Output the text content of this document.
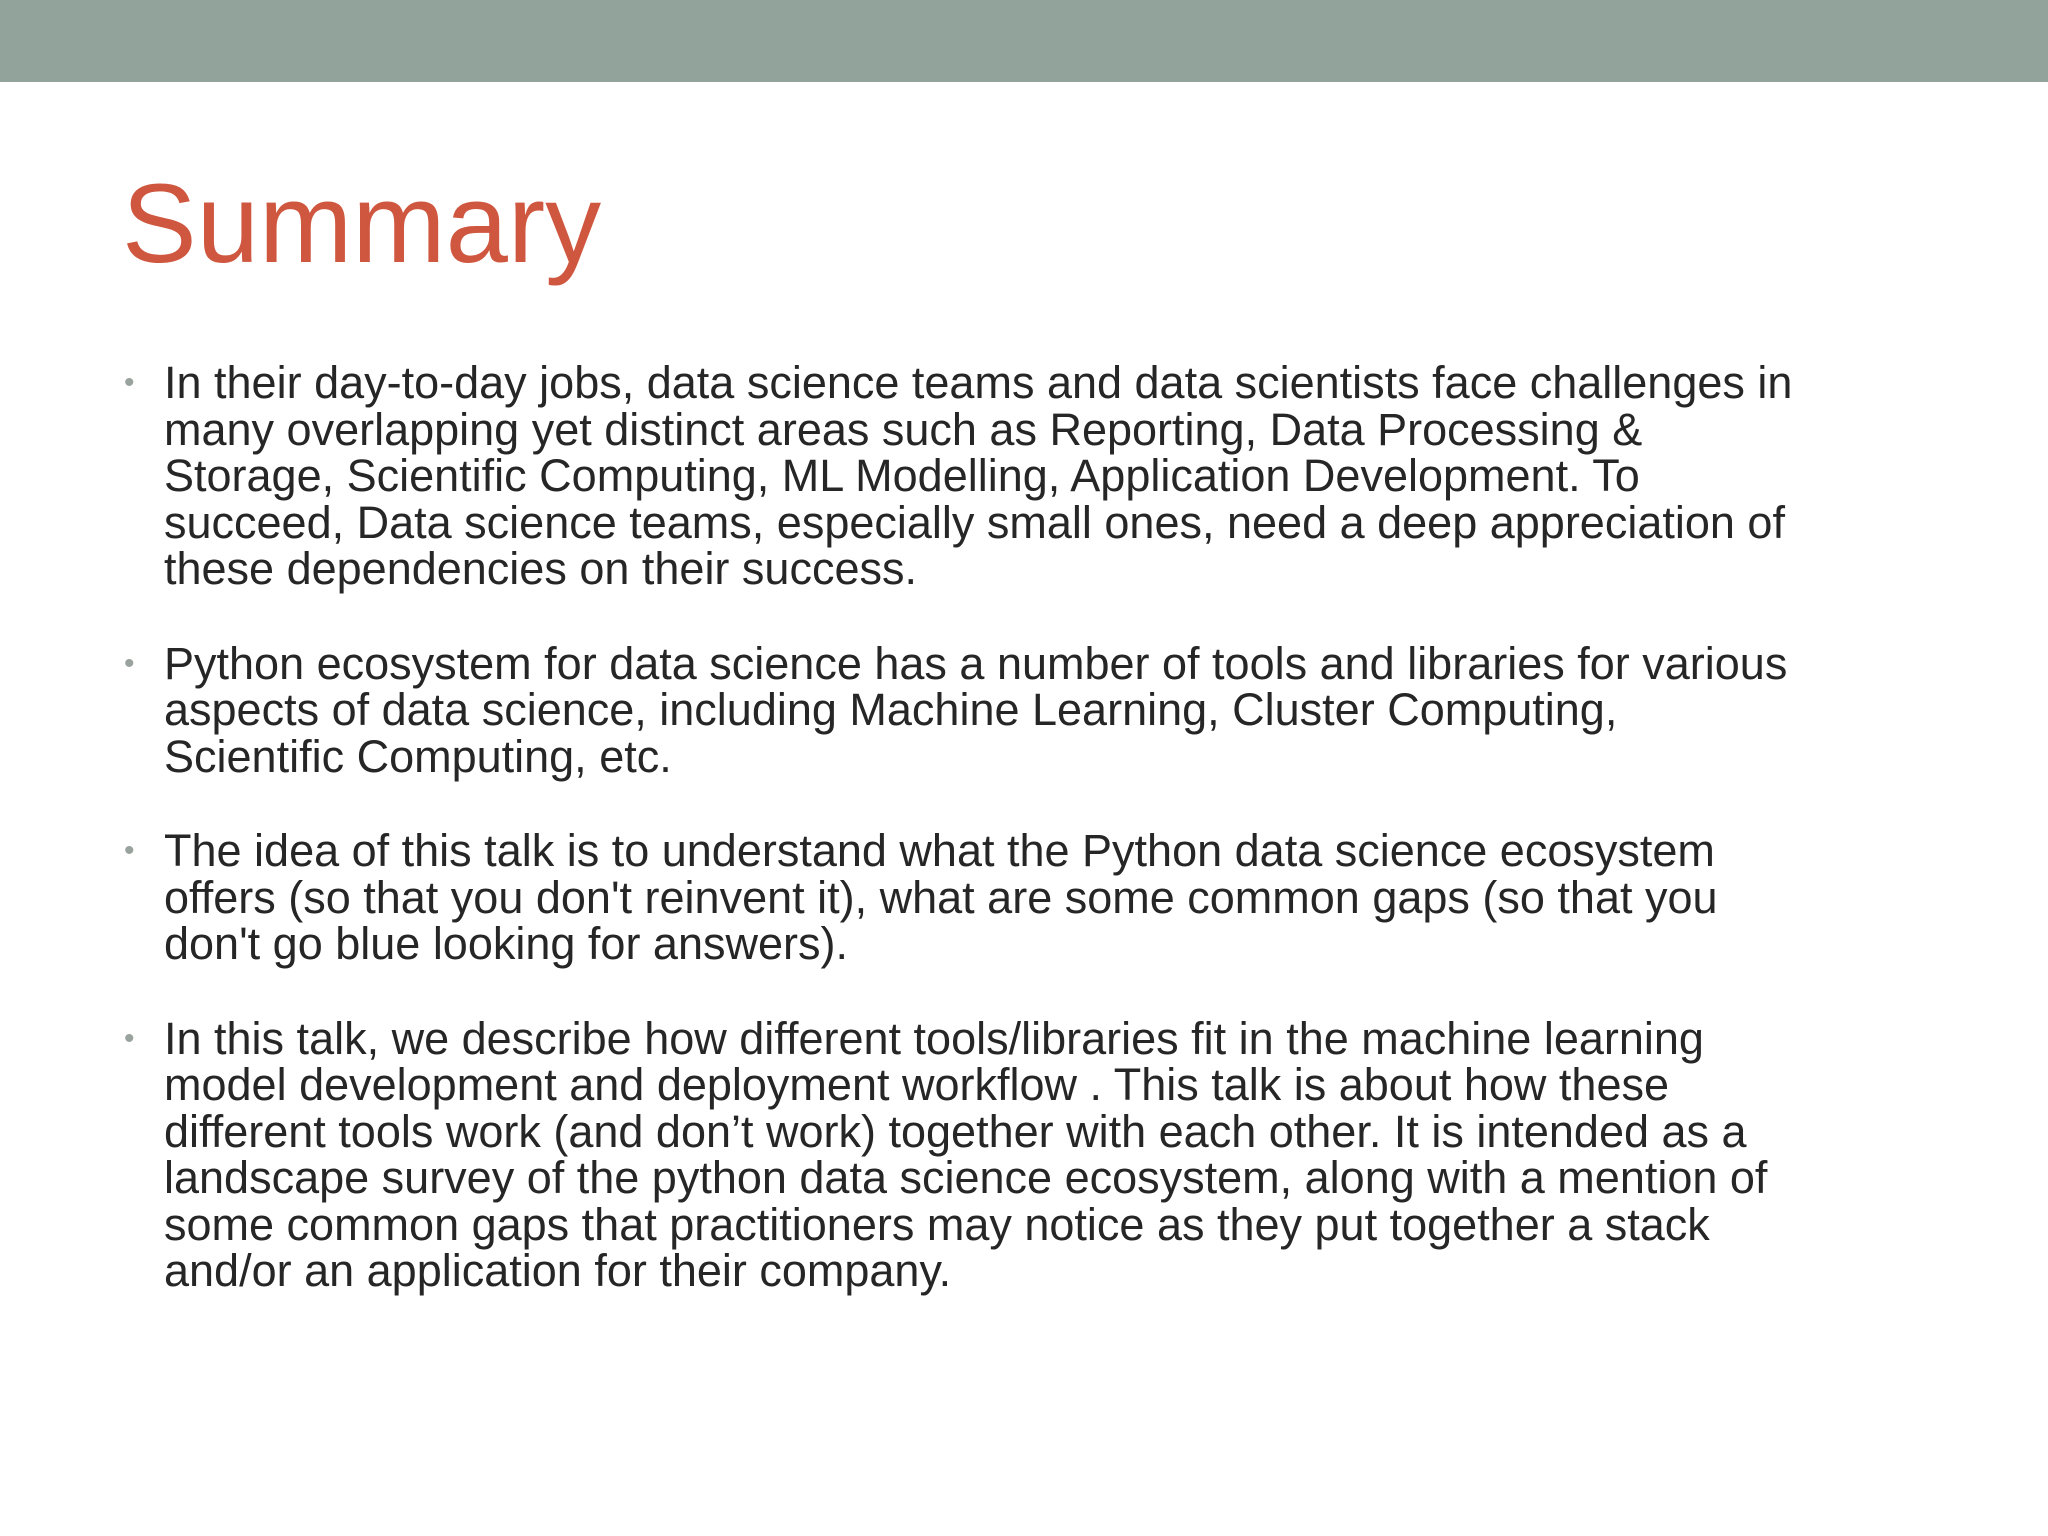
Summary
• In their day-to-day jobs, data science teams and data scientists face challenges in
many overlapping yet distinct areas such as Reporting, Data Processing &
Storage, Scientific Computing, ML Modelling, Application Development. To
succeed, Data science teams, especially small ones, need a deep appreciation of
these dependencies on their success.
• Python ecosystem for data science has a number of tools and libraries for various
aspects of data science, including Machine Learning, Cluster Computing,
Scientific Computing, etc.
• The idea of this talk is to understand what the Python data science ecosystem
offers (so that you don't reinvent it), what are some common gaps (so that you
don't go blue looking for answers).
• In this talk, we describe how different tools/libraries fit in the machine learning
model development and deployment workflow . This talk is about how these
different tools work (and don’t work) together with each other. It is intended as a
landscape survey of the python data science ecosystem, along with a mention of
some common gaps that practitioners may notice as they put together a stack
and/or an application for their company.
